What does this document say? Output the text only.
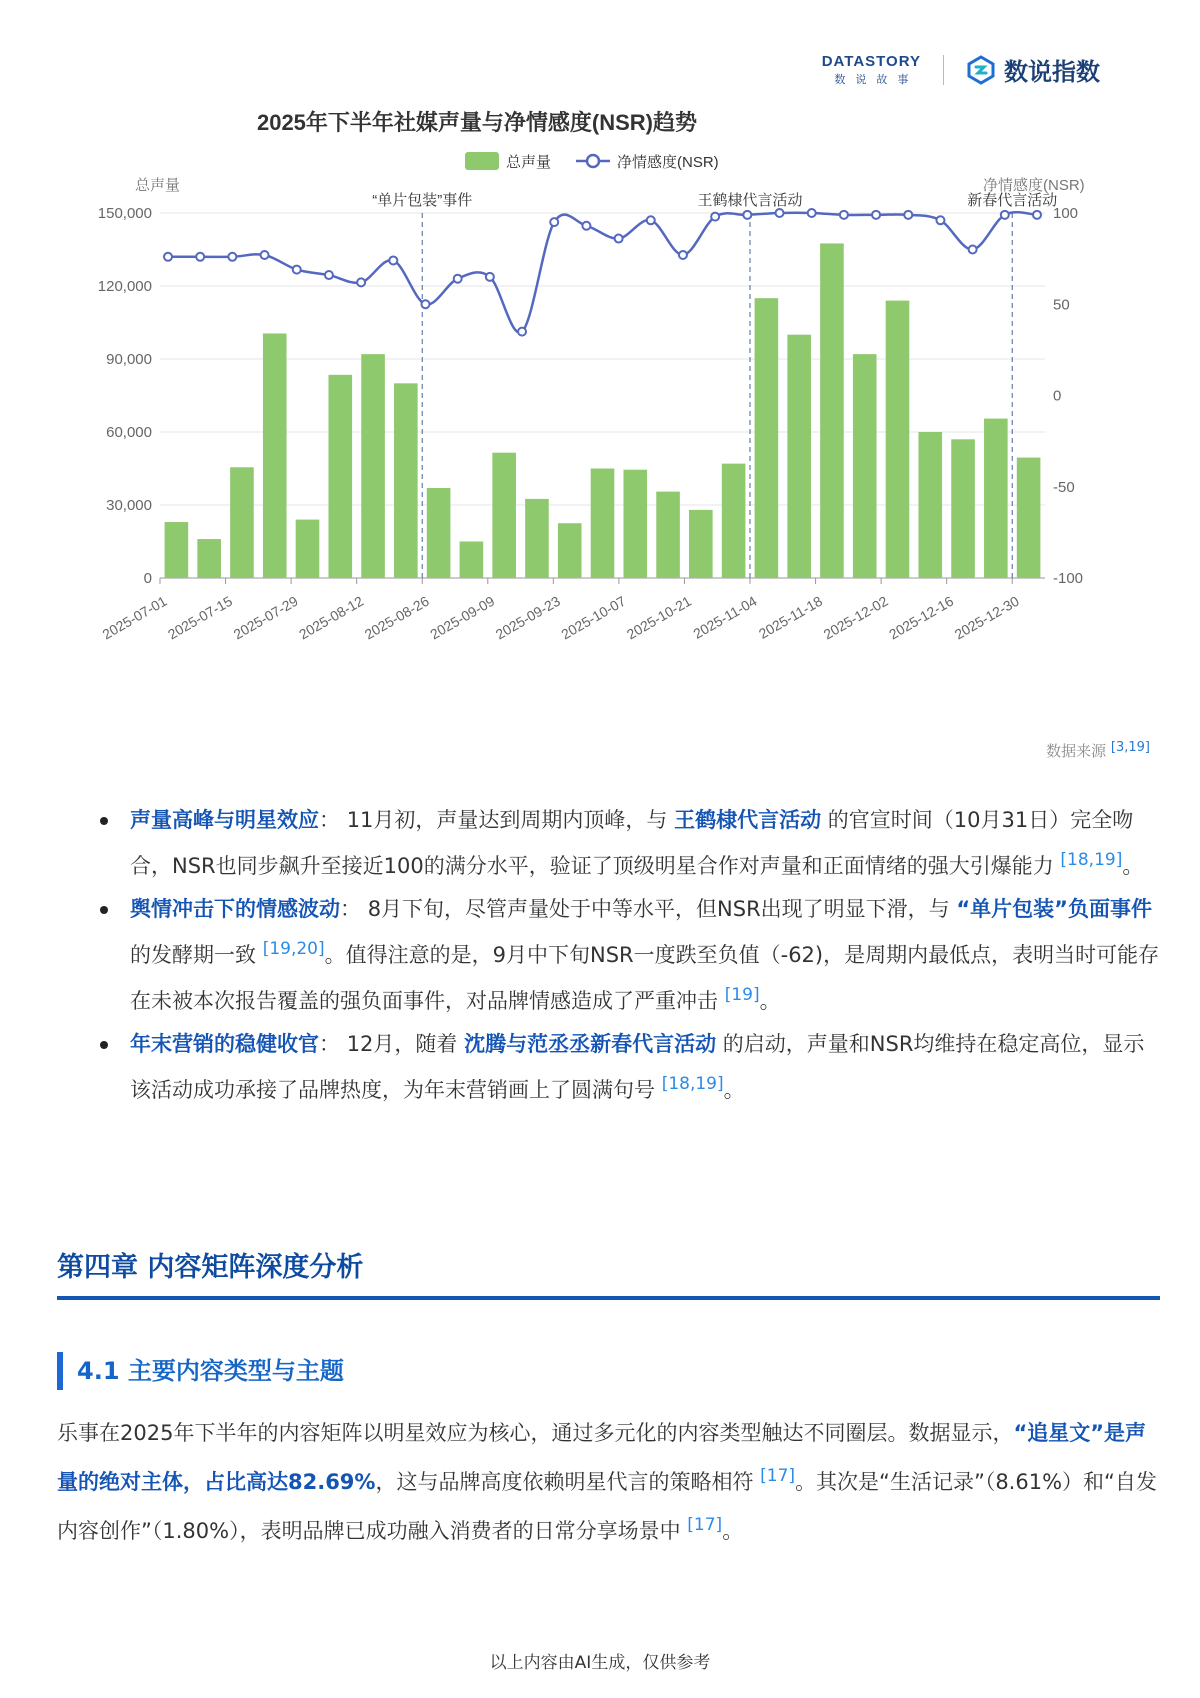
DATASTORY
数说故事	数说指数
2025年下半年社媒声量与净情感度(NSR)趋势
总声量	净情感度(NSR)
总声量	净情感度(NSR)
0
30,000
60,000
90,000
120,000
150,000
-100
-50
0
50
100
2025-07-01
2025-07-15
2025-07-29
2025-08-12
2025-08-26
2025-09-09
2025-09-23
2025-10-07
2025-10-21
2025-11-04
2025-11-18
2025-12-02
2025-12-16
2025-12-30
“单片包装”事件	王鹤棣代言活动	新春代言活动
数据来源 [3,19]
声量高峰与明星效应： 11月初，声量达到周期内顶峰，与 王鹤棣代言活动 的官宣时间（10月31日）完全吻合，NSR也同步飙升至接近100的满分水平，验证了顶级明星合作对声量和正面情绪的强大引爆能力 [18,19]。
舆情冲击下的情感波动： 8月下旬，尽管声量处于中等水平，但NSR出现了明显下滑，与 “单片包装”负面事件 的发酵期一致 [19,20]。值得注意的是，9月中下旬NSR一度跌至负值（-62)，是周期内最低点，表明当时可能存在未被本次报告覆盖的强负面事件，对品牌情感造成了严重冲击 [19]。
年末营销的稳健收官： 12月，随着 沈腾与范丞丞新春代言活动 的启动，声量和NSR均维持在稳定高位，显示该活动成功承接了品牌热度，为年末营销画上了圆满句号 [18,19]。
第四章 内容矩阵深度分析
4.1 主要内容类型与主题

乐事在2025年下半年的内容矩阵以明星效应为核心，通过多元化的内容类型触达不同圈层。数据显示，“追星文”是声量的绝对主体，占比高达82.69%，这与品牌高度依赖明星代言的策略相符 [17]。其次是“生活记录”（8.61%）和“自发内容创作”（1.80%），表明品牌已成功融入消费者的日常分享场景中 [17]。

以上内容由AI生成，仅供参考
